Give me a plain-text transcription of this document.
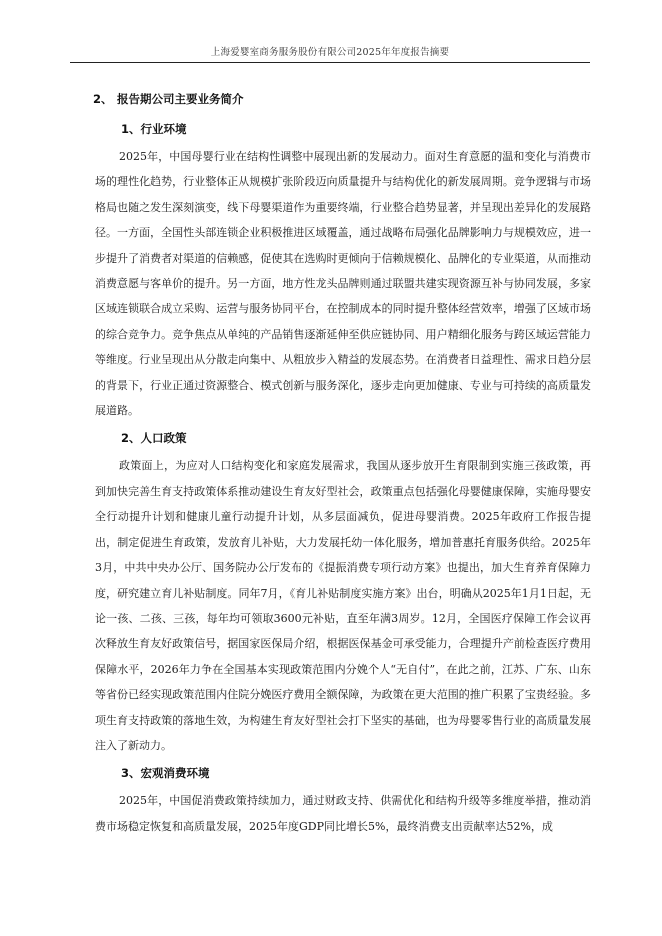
上海爱婴室商务服务股份有限公司2025年年度报告摘要
2、 报告期公司主要业务简介
1、行业环境

2025年，中国母婴行业在结构性调整中展现出新的发展动力。面对生育意愿的温和变化与消费市场的理性化趋势，行业整体正从规模扩张阶段迈向质量提升与结构优化的新发展周期。竞争逻辑与市场格局也随之发生深刻演变，线下母婴渠道作为重要终端，行业整合趋势显著，并呈现出差异化的发展路径。一方面，全国性头部连锁企业积极推进区域覆盖，通过战略布局强化品牌影响力与规模效应，进一步提升了消费者对渠道的信赖感，促使其在选购时更倾向于信赖规模化、品牌化的专业渠道，从而推动消费意愿与客单价的提升。另一方面，地方性龙头品牌则通过联盟共建实现资源互补与协同发展，多家区域连锁联合成立采购、运营与服务协同平台，在控制成本的同时提升整体经营效率，增强了区域市场的综合竞争力。竞争焦点从单纯的产品销售逐渐延伸至供应链协同、用户精细化服务与跨区域运营能力等维度。行业呈现出从分散走向集中、从粗放步入精益的发展态势。在消费者日益理性、需求日趋分层的背景下，行业正通过资源整合、模式创新与服务深化，逐步走向更加健康、专业与可持续的高质量发展道路。

2、人口政策

政策面上，为应对人口结构变化和家庭发展需求，我国从逐步放开生育限制到实施三孩政策，再到加快完善生育支持政策体系推动建设生育友好型社会，政策重点包括强化母婴健康保障，实施母婴安全行动提升计划和健康儿童行动提升计划，从多层面减负，促进母婴消费。2025年政府工作报告提出，制定促进生育政策，发放育儿补贴，大力发展托幼一体化服务，增加普惠托育服务供给。2025年3月，中共中央办公厅、国务院办公厅发布的《提振消费专项行动方案》也提出，加大生育养育保障力度，研究建立育儿补贴制度。同年7月，《育儿补贴制度实施方案》出台，明确从2025年1月1日起，无论一孩、二孩、三孩，每年均可领取3600元补贴，直至年满3周岁。12月，全国医疗保障工作会议再次释放生育友好政策信号，据国家医保局介绍，根据医保基金可承受能力，合理提升产前检查医疗费用保障水平，2026年力争在全国基本实现政策范围内分娩个人“无自付”，在此之前，江苏、广东、山东等省份已经实现政策范围内住院分娩医疗费用全额保障，为政策在更大范围的推广积累了宝贵经验。多项生育支持政策的落地生效，为构建生育友好型社会打下坚实的基础，也为母婴零售行业的高质量发展注入了新动力。

3、宏观消费环境

2025年，中国促消费政策持续加力，通过财政支持、供需优化和结构升级等多维度举措，推动消费市场稳定恢复和高质量发展，2025年度GDP同比增长5%，最终消费支出贡献率达52%，成
